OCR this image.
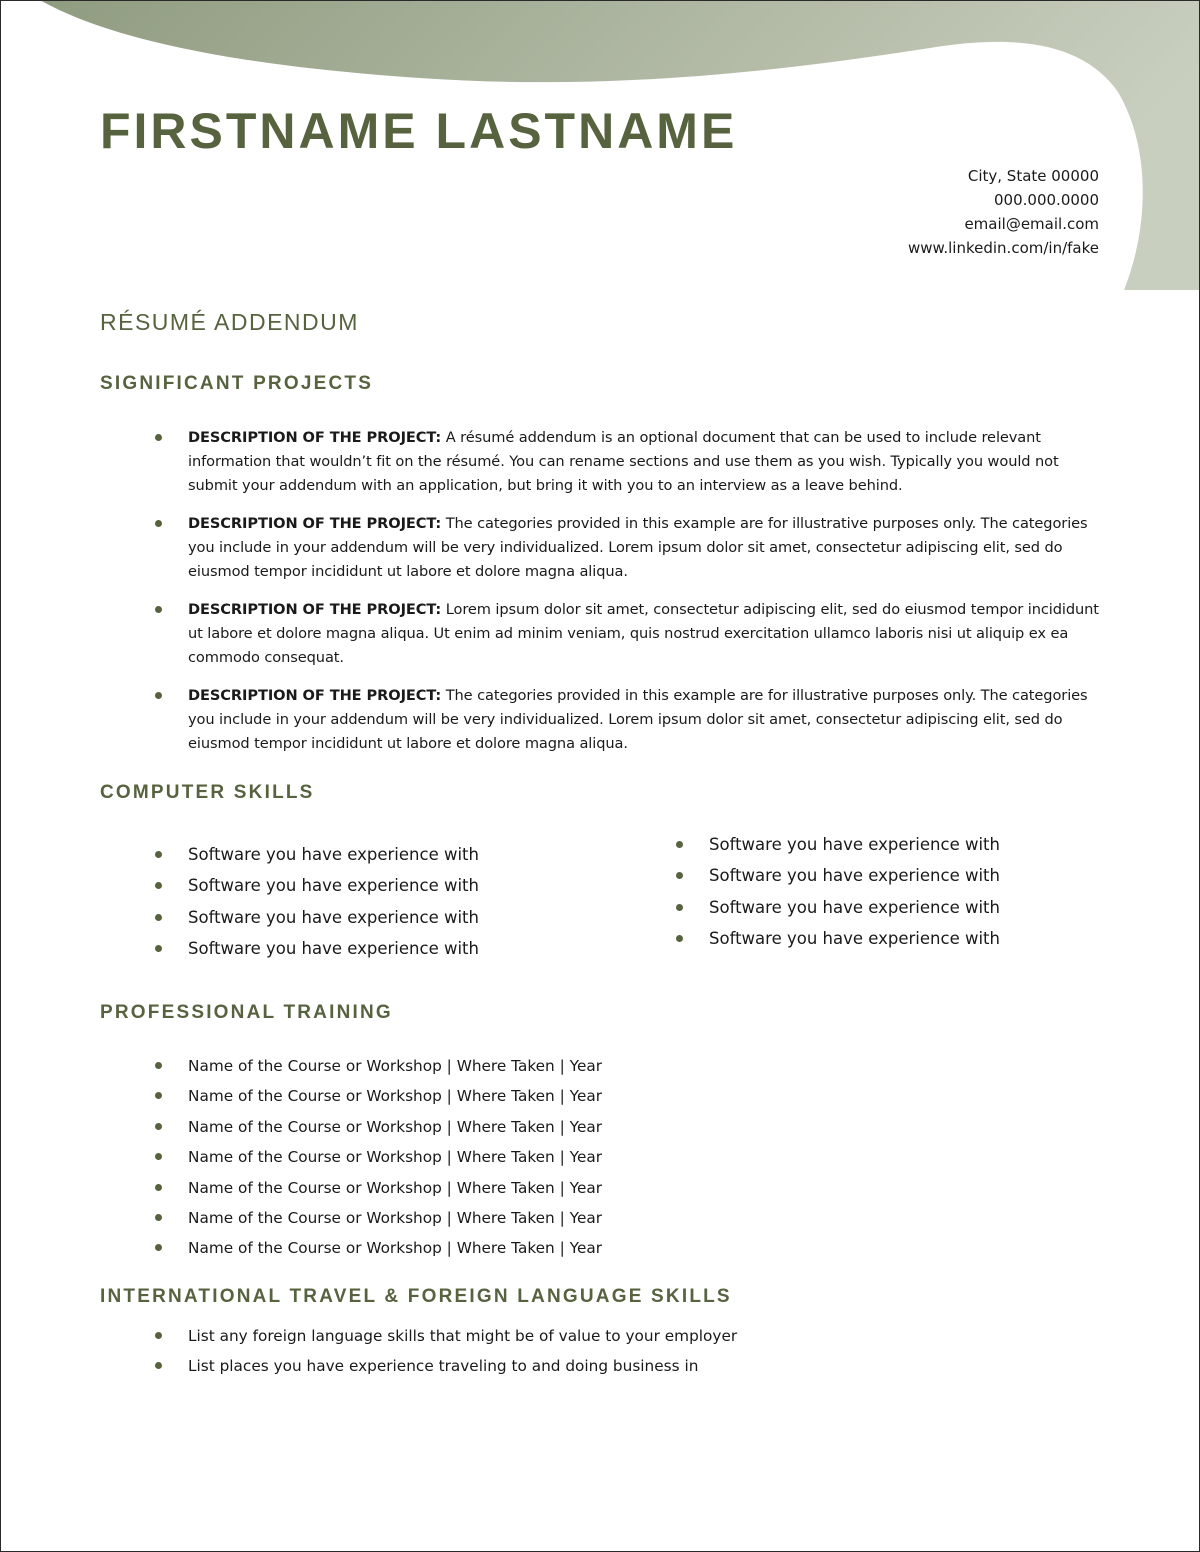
FIRSTNAME LASTNAME
City, State 00000
000.000.0000
email@email.com
www.linkedin.com/in/fake
RÉSUMÉ ADDENDUM
SIGNIFICANT PROJECTS
DESCRIPTION OF THE PROJECT: A résumé addendum is an optional document that can be used to include relevant information that wouldn’t fit on the résumé. You can rename sections and use them as you wish. Typically you would not submit your addendum with an application, but bring it with you to an interview as a leave behind.
DESCRIPTION OF THE PROJECT: The categories provided in this example are for illustrative purposes only. The categories you include in your addendum will be very individualized. Lorem ipsum dolor sit amet, consectetur adipiscing elit, sed do eiusmod tempor incididunt ut labore et dolore magna aliqua.
DESCRIPTION OF THE PROJECT: Lorem ipsum dolor sit amet, consectetur adipiscing elit, sed do eiusmod tempor incididunt ut labore et dolore magna aliqua. Ut enim ad minim veniam, quis nostrud exercitation ullamco laboris nisi ut aliquip ex ea commodo consequat.
DESCRIPTION OF THE PROJECT: The categories provided in this example are for illustrative purposes only. The categories you include in your addendum will be very individualized. Lorem ipsum dolor sit amet, consectetur adipiscing elit, sed do eiusmod tempor incididunt ut labore et dolore magna aliqua.
COMPUTER SKILLS
Software you have experience with
Software you have experience with
Software you have experience with
Software you have experience with
Software you have experience with
Software you have experience with
Software you have experience with
Software you have experience with
PROFESSIONAL TRAINING
Name of the Course or Workshop | Where Taken | Year
Name of the Course or Workshop | Where Taken | Year
Name of the Course or Workshop | Where Taken | Year
Name of the Course or Workshop | Where Taken | Year
Name of the Course or Workshop | Where Taken | Year
Name of the Course or Workshop | Where Taken | Year
Name of the Course or Workshop | Where Taken | Year
INTERNATIONAL TRAVEL & FOREIGN LANGUAGE SKILLS
List any foreign language skills that might be of value to your employer
List places you have experience traveling to and doing business in
